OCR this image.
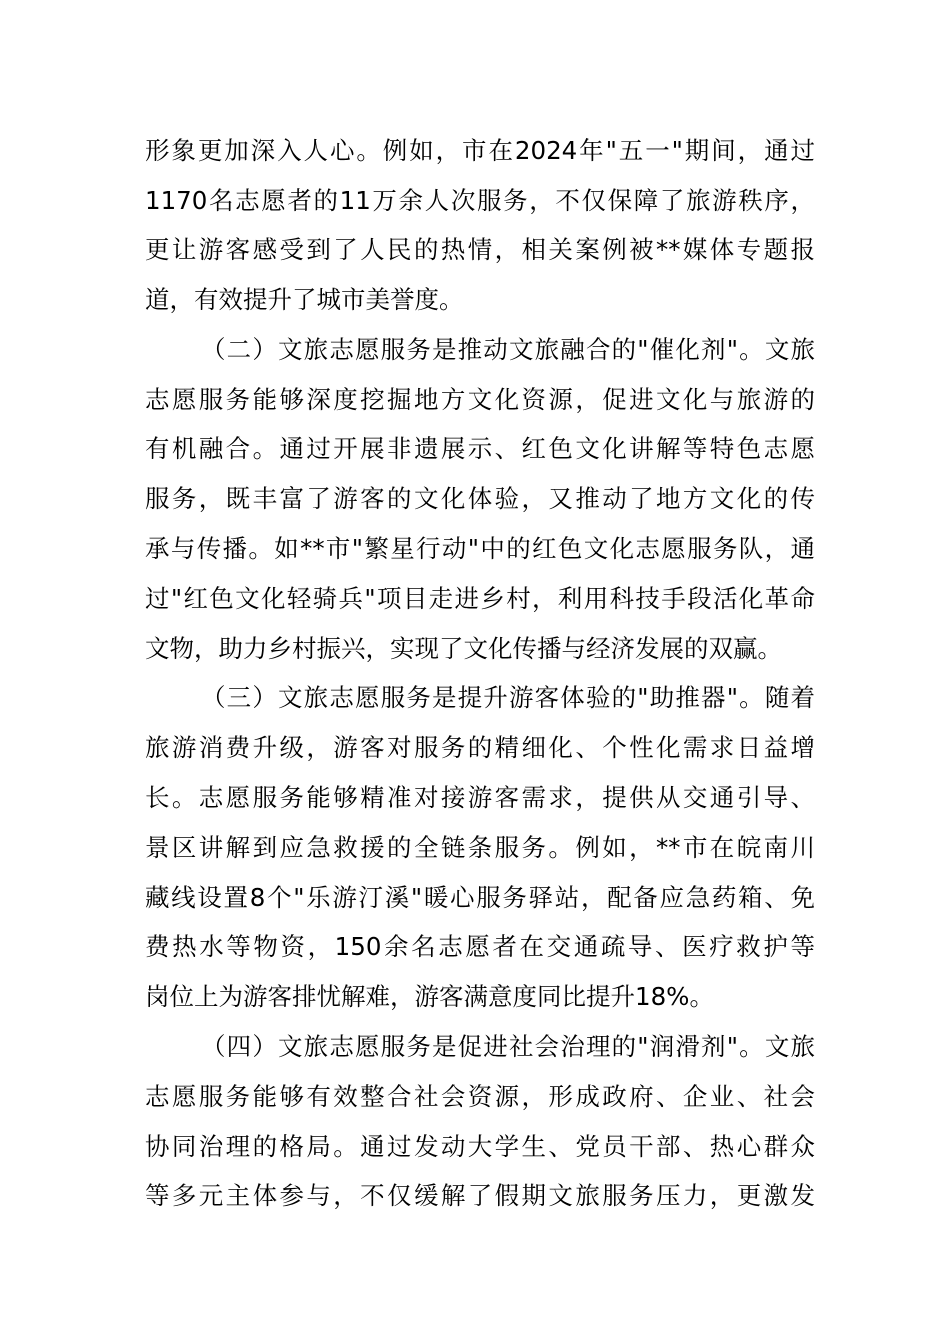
形象更加深入人心。例如，市在2024年"五一"期间，通过
1170名志愿者的11万余人次服务，不仅保障了旅游秩序，
更让游客感受到了人民的热情，相关案例被**媒体专题报
道，有效提升了城市美誉度。
（二）文旅志愿服务是推动文旅融合的"催化剂"。文旅
志愿服务能够深度挖掘地方文化资源，促进文化与旅游的
有机融合。通过开展非遗展示、红色文化讲解等特色志愿
服务，既丰富了游客的文化体验，又推动了地方文化的传
承与传播。如**市"繁星行动"中的红色文化志愿服务队，通
过"红色文化轻骑兵"项目走进乡村，利用科技手段活化革命
文物，助力乡村振兴，实现了文化传播与经济发展的双赢。
（三）文旅志愿服务是提升游客体验的"助推器"。随着
旅游消费升级，游客对服务的精细化、个性化需求日益增
长。志愿服务能够精准对接游客需求，提供从交通引导、
景区讲解到应急救援的全链条服务。例如，**市在皖南川
藏线设置8个"乐游汀溪"暖心服务驿站，配备应急药箱、免
费热水等物资，150余名志愿者在交通疏导、医疗救护等
岗位上为游客排忧解难，游客满意度同比提升18%。
（四）文旅志愿服务是促进社会治理的"润滑剂"。文旅
志愿服务能够有效整合社会资源，形成政府、企业、社会
协同治理的格局。通过发动大学生、党员干部、热心群众
等多元主体参与，不仅缓解了假期文旅服务压力，更激发
